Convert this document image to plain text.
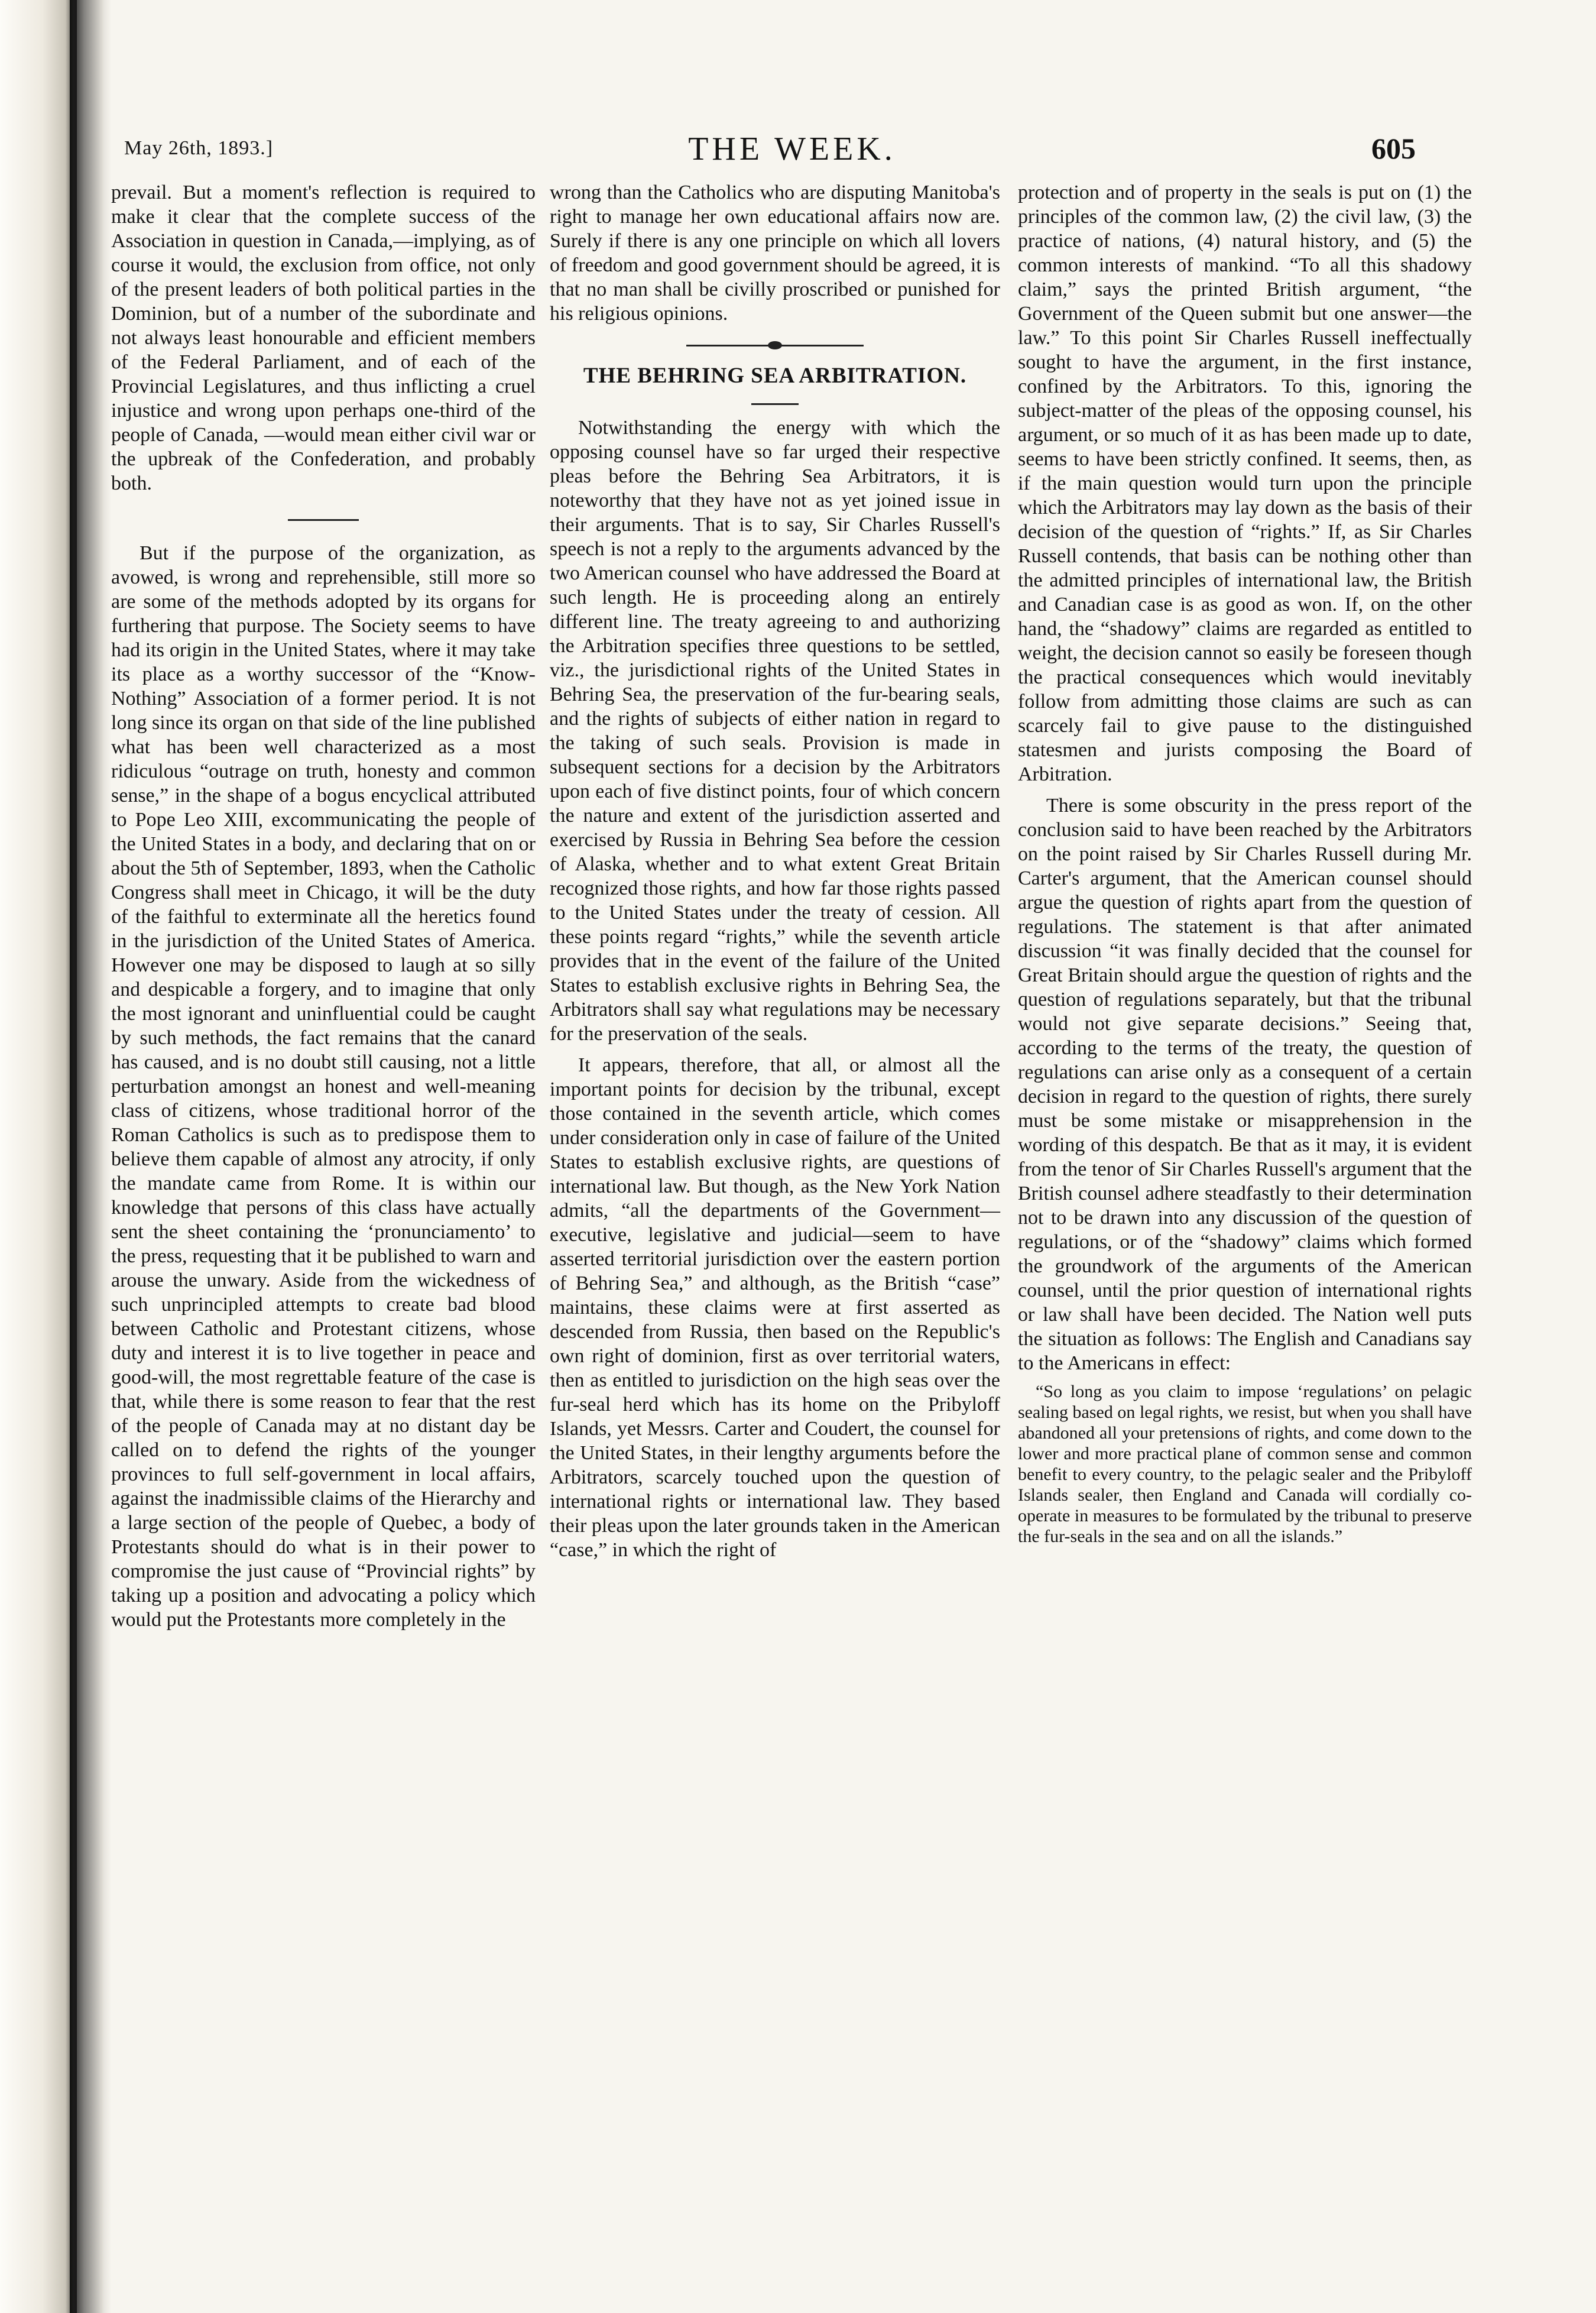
May 26th, 1893.]	THE WEEK.	605

prevail. But a moment's reflection is required to make it clear that the complete success of the Association in question in Canada,—implying, as of course it would, the exclusion from office, not only of the present leaders of both political parties in the Dominion, but of a number of the subordinate and not always least honourable and efficient members of the Federal Parliament, and of each of the Provincial Legislatures, and thus inflicting a cruel injustice and wrong upon perhaps one-third of the people of Canada, —would mean either civil war or the upbreak of the Confederation, and probably both.

But if the purpose of the organization, as avowed, is wrong and reprehensible, still more so are some of the methods adopted by its organs for furthering that purpose. The Society seems to have had its origin in the United States, where it may take its place as a worthy successor of the “Know-Nothing” Association of a former period. It is not long since its organ on that side of the line published what has been well characterized as a most ridiculous “outrage on truth, honesty and common sense,” in the shape of a bogus encyclical attributed to Pope Leo XIII, excommunicating the people of the United States in a body, and declaring that on or about the 5th of September, 1893, when the Catholic Congress shall meet in Chicago, it will be the duty of the faithful to exterminate all the heretics found in the jurisdiction of the United States of America. However one may be disposed to laugh at so silly and despicable a forgery, and to imagine that only the most ignorant and uninfluential could be caught by such methods, the fact remains that the canard has caused, and is no doubt still causing, not a little perturbation amongst an honest and well-meaning class of citizens, whose traditional horror of the Roman Catholics is such as to predispose them to believe them capable of almost any atrocity, if only the mandate came from Rome. It is within our knowledge that persons of this class have actually sent the sheet containing the ‘pronunciamento’ to the press, requesting that it be published to warn and arouse the unwary. Aside from the wickedness of such unprincipled attempts to create bad blood between Catholic and Protestant citizens, whose duty and interest it is to live together in peace and good-will, the most regrettable feature of the case is that, while there is some reason to fear that the rest of the people of Canada may at no distant day be called on to defend the rights of the younger provinces to full self-government in local affairs, against the inadmissible claims of the Hierarchy and a large section of the people of Quebec, a body of Protestants should do what is in their power to compromise the just cause of “Provincial rights” by taking up a position and advocating a policy which would put the Protestants more completely in the

wrong than the Catholics who are disputing Manitoba's right to manage her own educational affairs now are. Surely if there is any one principle on which all lovers of freedom and good government should be agreed, it is that no man shall be civilly proscribed or punished for his religious opinions.

THE BEHRING SEA ARBITRATION.

Notwithstanding the energy with which the opposing counsel have so far urged their respective pleas before the Behring Sea Arbitrators, it is noteworthy that they have not as yet joined issue in their arguments. That is to say, Sir Charles Russell's speech is not a reply to the arguments advanced by the two American counsel who have addressed the Board at such length. He is proceeding along an entirely different line. The treaty agreeing to and authorizing the Arbitration specifies three questions to be settled, viz., the jurisdictional rights of the United States in Behring Sea, the preservation of the fur-bearing seals, and the rights of subjects of either nation in regard to the taking of such seals. Provision is made in subsequent sections for a decision by the Arbitrators upon each of five distinct points, four of which concern the nature and extent of the jurisdiction asserted and exercised by Russia in Behring Sea before the cession of Alaska, whether and to what extent Great Britain recognized those rights, and how far those rights passed to the United States under the treaty of cession. All these points regard “rights,” while the seventh article provides that in the event of the failure of the United States to establish exclusive rights in Behring Sea, the Arbitrators shall say what regulations may be necessary for the preservation of the seals.

It appears, therefore, that all, or almost all the important points for decision by the tribunal, except those contained in the seventh article, which comes under consideration only in case of failure of the United States to establish exclusive rights, are questions of international law. But though, as the New York Nation admits, “all the departments of the Government—executive, legislative and judicial—seem to have asserted territorial jurisdiction over the eastern portion of Behring Sea,” and although, as the British “case” maintains, these claims were at first asserted as descended from Russia, then based on the Republic's own right of dominion, first as over territorial waters, then as entitled to jurisdiction on the high seas over the fur-seal herd which has its home on the Pribyloff Islands, yet Messrs. Carter and Coudert, the counsel for the United States, in their lengthy arguments before the Arbitrators, scarcely touched upon the question of international rights or international law. They based their pleas upon the later grounds taken in the American “case,” in which the right of

protection and of property in the seals is put on (1) the principles of the common law, (2) the civil law, (3) the practice of nations, (4) natural history, and (5) the common interests of mankind. “To all this shadowy claim,” says the printed British argument, “the Government of the Queen submit but one answer—the law.” To this point Sir Charles Russell ineffectually sought to have the argument, in the first instance, confined by the Arbitrators. To this, ignoring the subject-matter of the pleas of the opposing counsel, his argument, or so much of it as has been made up to date, seems to have been strictly confined. It seems, then, as if the main question would turn upon the principle which the Arbitrators may lay down as the basis of their decision of the question of “rights.” If, as Sir Charles Russell contends, that basis can be nothing other than the admitted principles of international law, the British and Canadian case is as good as won. If, on the other hand, the “shadowy” claims are regarded as entitled to weight, the decision cannot so easily be foreseen though the practical consequences which would inevitably follow from admitting those claims are such as can scarcely fail to give pause to the distinguished statesmen and jurists composing the Board of Arbitration.

There is some obscurity in the press report of the conclusion said to have been reached by the Arbitrators on the point raised by Sir Charles Russell during Mr. Carter's argument, that the American counsel should argue the question of rights apart from the question of regulations. The statement is that after animated discussion “it was finally decided that the counsel for Great Britain should argue the question of rights and the question of regulations separately, but that the tribunal would not give separate decisions.” Seeing that, according to the terms of the treaty, the question of regulations can arise only as a consequent of a certain decision in regard to the question of rights, there surely must be some mistake or misapprehension in the wording of this despatch. Be that as it may, it is evident from the tenor of Sir Charles Russell's argument that the British counsel adhere steadfastly to their determination not to be drawn into any discussion of the question of regulations, or of the “shadowy” claims which formed the groundwork of the arguments of the American counsel, until the prior question of international rights or law shall have been decided. The Nation well puts the situation as follows: The English and Canadians say to the Americans in effect:

“So long as you claim to impose ‘regulations’ on pelagic sealing based on legal rights, we resist, but when you shall have abandoned all your pretensions of rights, and come down to the lower and more practical plane of common sense and common benefit to every country, to the pelagic sealer and the Pribyloff Islands sealer, then England and Canada will cordially co-operate in measures to be formulated by the tribunal to preserve the fur-seals in the sea and on all the islands.”
